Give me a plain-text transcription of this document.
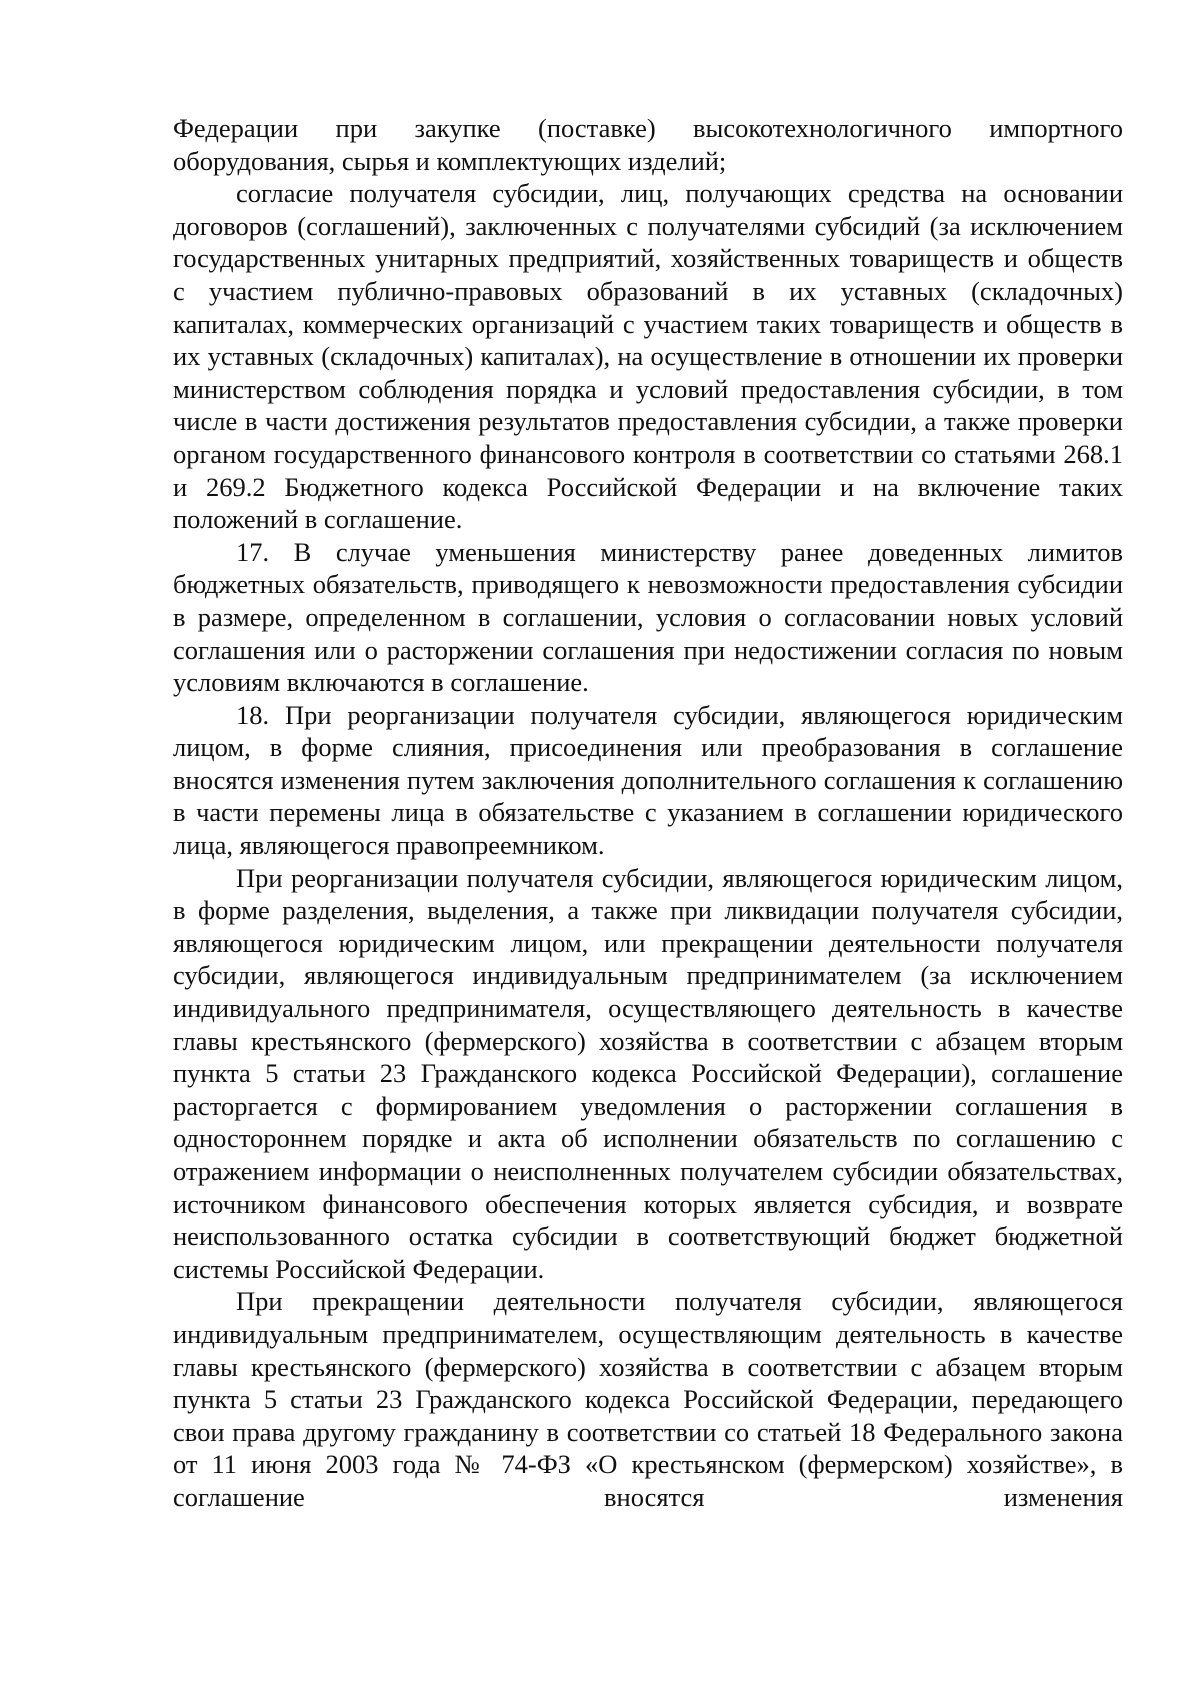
Федерации при закупке (поставке) высокотехнологичного импортного оборудования, сырья и комплектующих изделий;

согласие получателя субсидии, лиц, получающих средства на основании договоров (соглашений), заключенных с получателями субсидий (за исключением государственных унитарных предприятий, хозяйственных товариществ и обществ с участием публично-правовых образований в их уставных (складочных) капиталах, коммерческих организаций с участием таких товариществ и обществ в их уставных (складочных) капиталах), на осуществление в отношении их проверки министерством соблюдения порядка и условий предоставления субсидии, в том числе в части достижения результатов предоставления субсидии, а также проверки органом государственного финансового контроля в соответствии со статьями 268.1 и 269.2 Бюджетного кодекса Российской Федерации и на включение таких положений в соглашение.

17. В случае уменьшения министерству ранее доведенных лимитов бюджетных обязательств, приводящего к невозможности предоставления субсидии в размере, определенном в соглашении, условия о согласовании новых условий соглашения или о расторжении соглашения при недостижении согласия по новым условиям включаются в соглашение.

18. При реорганизации получателя субсидии, являющегося юридическим лицом, в форме слияния, присоединения или преобразования в соглашение вносятся изменения путем заключения дополнительного соглашения к соглашению в части перемены лица в обязательстве с указанием в соглашении юридического лица, являющегося правопреемником.

При реорганизации получателя субсидии, являющегося юридическим лицом, в форме разделения, выделения, а также при ликвидации получателя субсидии, являющегося юридическим лицом, или прекращении деятельности получателя субсидии, являющегося индивидуальным предпринимателем (за исключением индивидуального предпринимателя, осуществляющего деятельность в качестве главы крестьянского (фермерского) хозяйства в соответствии с абзацем вторым пункта 5 статьи 23 Гражданского кодекса Российской Федерации), соглашение расторгается с формированием уведомления о расторжении соглашения в одностороннем порядке и акта об исполнении обязательств по соглашению с отражением информации о неисполненных получателем субсидии обязательствах, источником финансового обеспечения которых является субсидия, и возврате неиспользованного остатка субсидии в соответствующий бюджет бюджетной системы Российской Федерации.

При прекращении деятельности получателя субсидии, являющегося индивидуальным предпринимателем, осуществляющим деятельность в качестве главы крестьянского (фермерского) хозяйства в соответствии с абзацем вторым пункта 5 статьи 23 Гражданского кодекса Российской Федерации, передающего свои права другому гражданину в соответствии со статьей 18 Федерального закона от 11 июня 2003 года № 74-ФЗ «О крестьянском (фермерском) хозяйстве», в соглашение вносятся изменения
